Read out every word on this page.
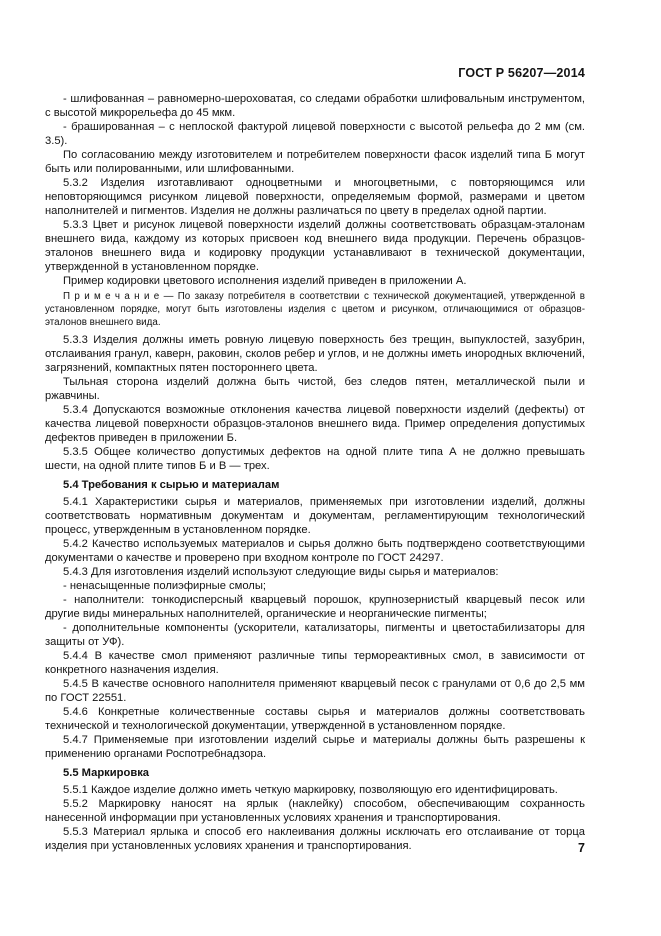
ГОСТ Р 56207—2014

- шлифованная – равномерно-шероховатая, со следами обработки шлифовальным инструментом, с высотой микрорельефа до 45 мкм.

- брашированная – с неплоской фактурой лицевой поверхности с высотой рельефа до 2 мм (см. 3.5).

По согласованию между изготовителем и потребителем поверхности фасок изделий типа Б могут быть или полированными, или шлифованными.

5.3.2 Изделия изготавливают одноцветными и многоцветными, с повторяющимся или неповторяющимся рисунком лицевой поверхности, определяемым формой, размерами и цветом наполнителей и пигментов. Изделия не должны различаться по цвету в пределах одной партии.

5.3.3 Цвет и рисунок лицевой поверхности изделий должны соответствовать образцам-эталонам внешнего вида, каждому из которых присвоен код внешнего вида продукции. Перечень образцов-эталонов внешнего вида и кодировку продукции устанавливают в технической документации, утвержденной в установленном порядке.

Пример кодировки цветового исполнения изделий приведен в приложении А.

П р и м е ч а н и е — По заказу потребителя в соответствии с технической документацией, утвержденной в установленном порядке, могут быть изготовлены изделия с цветом и рисунком, отличающимися от образцов-эталонов внешнего вида.

5.3.3 Изделия должны иметь ровную лицевую поверхность без трещин, выпуклостей, зазубрин, отслаивания гранул, каверн, раковин, сколов ребер и углов, и не должны иметь инородных включений, загрязнений, компактных пятен постороннего цвета.

Тыльная сторона изделий должна быть чистой, без следов пятен, металлической пыли и ржавчины.

5.3.4 Допускаются возможные отклонения качества лицевой поверхности изделий (дефекты) от качества лицевой поверхности образцов-эталонов внешнего вида. Пример определения допустимых дефектов приведен в приложении Б.

5.3.5 Общее количество допустимых дефектов на одной плите типа А не должно превышать шести, на одной плите типов Б и В — трех.

5.4 Требования к сырью и материалам

5.4.1 Характеристики сырья и материалов, применяемых при изготовлении изделий, должны соответствовать нормативным документам и документам, регламентирующим технологический процесс, утвержденным в установленном порядке.

5.4.2 Качество используемых материалов и сырья должно быть подтверждено соответствующими документами о качестве и проверено при входном контроле по ГОСТ 24297.

5.4.3 Для изготовления изделий используют следующие виды сырья и материалов:

- ненасыщенные полиэфирные смолы;

- наполнители: тонкодисперсный кварцевый порошок, крупнозернистый кварцевый песок или другие виды минеральных наполнителей, органические и неорганические пигменты;

- дополнительные компоненты (ускорители, катализаторы, пигменты и цветостабилизаторы для защиты от УФ).

5.4.4 В качестве смол применяют различные типы термореактивных смол, в зависимости от конкретного назначения изделия.

5.4.5 В качестве основного наполнителя применяют кварцевый песок с гранулами от 0,6 до 2,5 мм по ГОСТ 22551.

5.4.6 Конкретные количественные составы сырья и материалов должны соответствовать технической и технологической документации, утвержденной в установленном порядке.

5.4.7 Применяемые при изготовлении изделий сырье и материалы должны быть разрешены к применению органами Роспотребнадзора.

5.5 Маркировка

5.5.1 Каждое изделие должно иметь четкую маркировку, позволяющую его идентифицировать.

5.5.2 Маркировку наносят на ярлык (наклейку) способом, обеспечивающим сохранность нанесенной информации при установленных условиях хранения и транспортирования.

5.5.3 Материал ярлыка и способ его наклеивания должны исключать его отслаивание от торца изделия при установленных условиях хранения и транспортирования.	7
